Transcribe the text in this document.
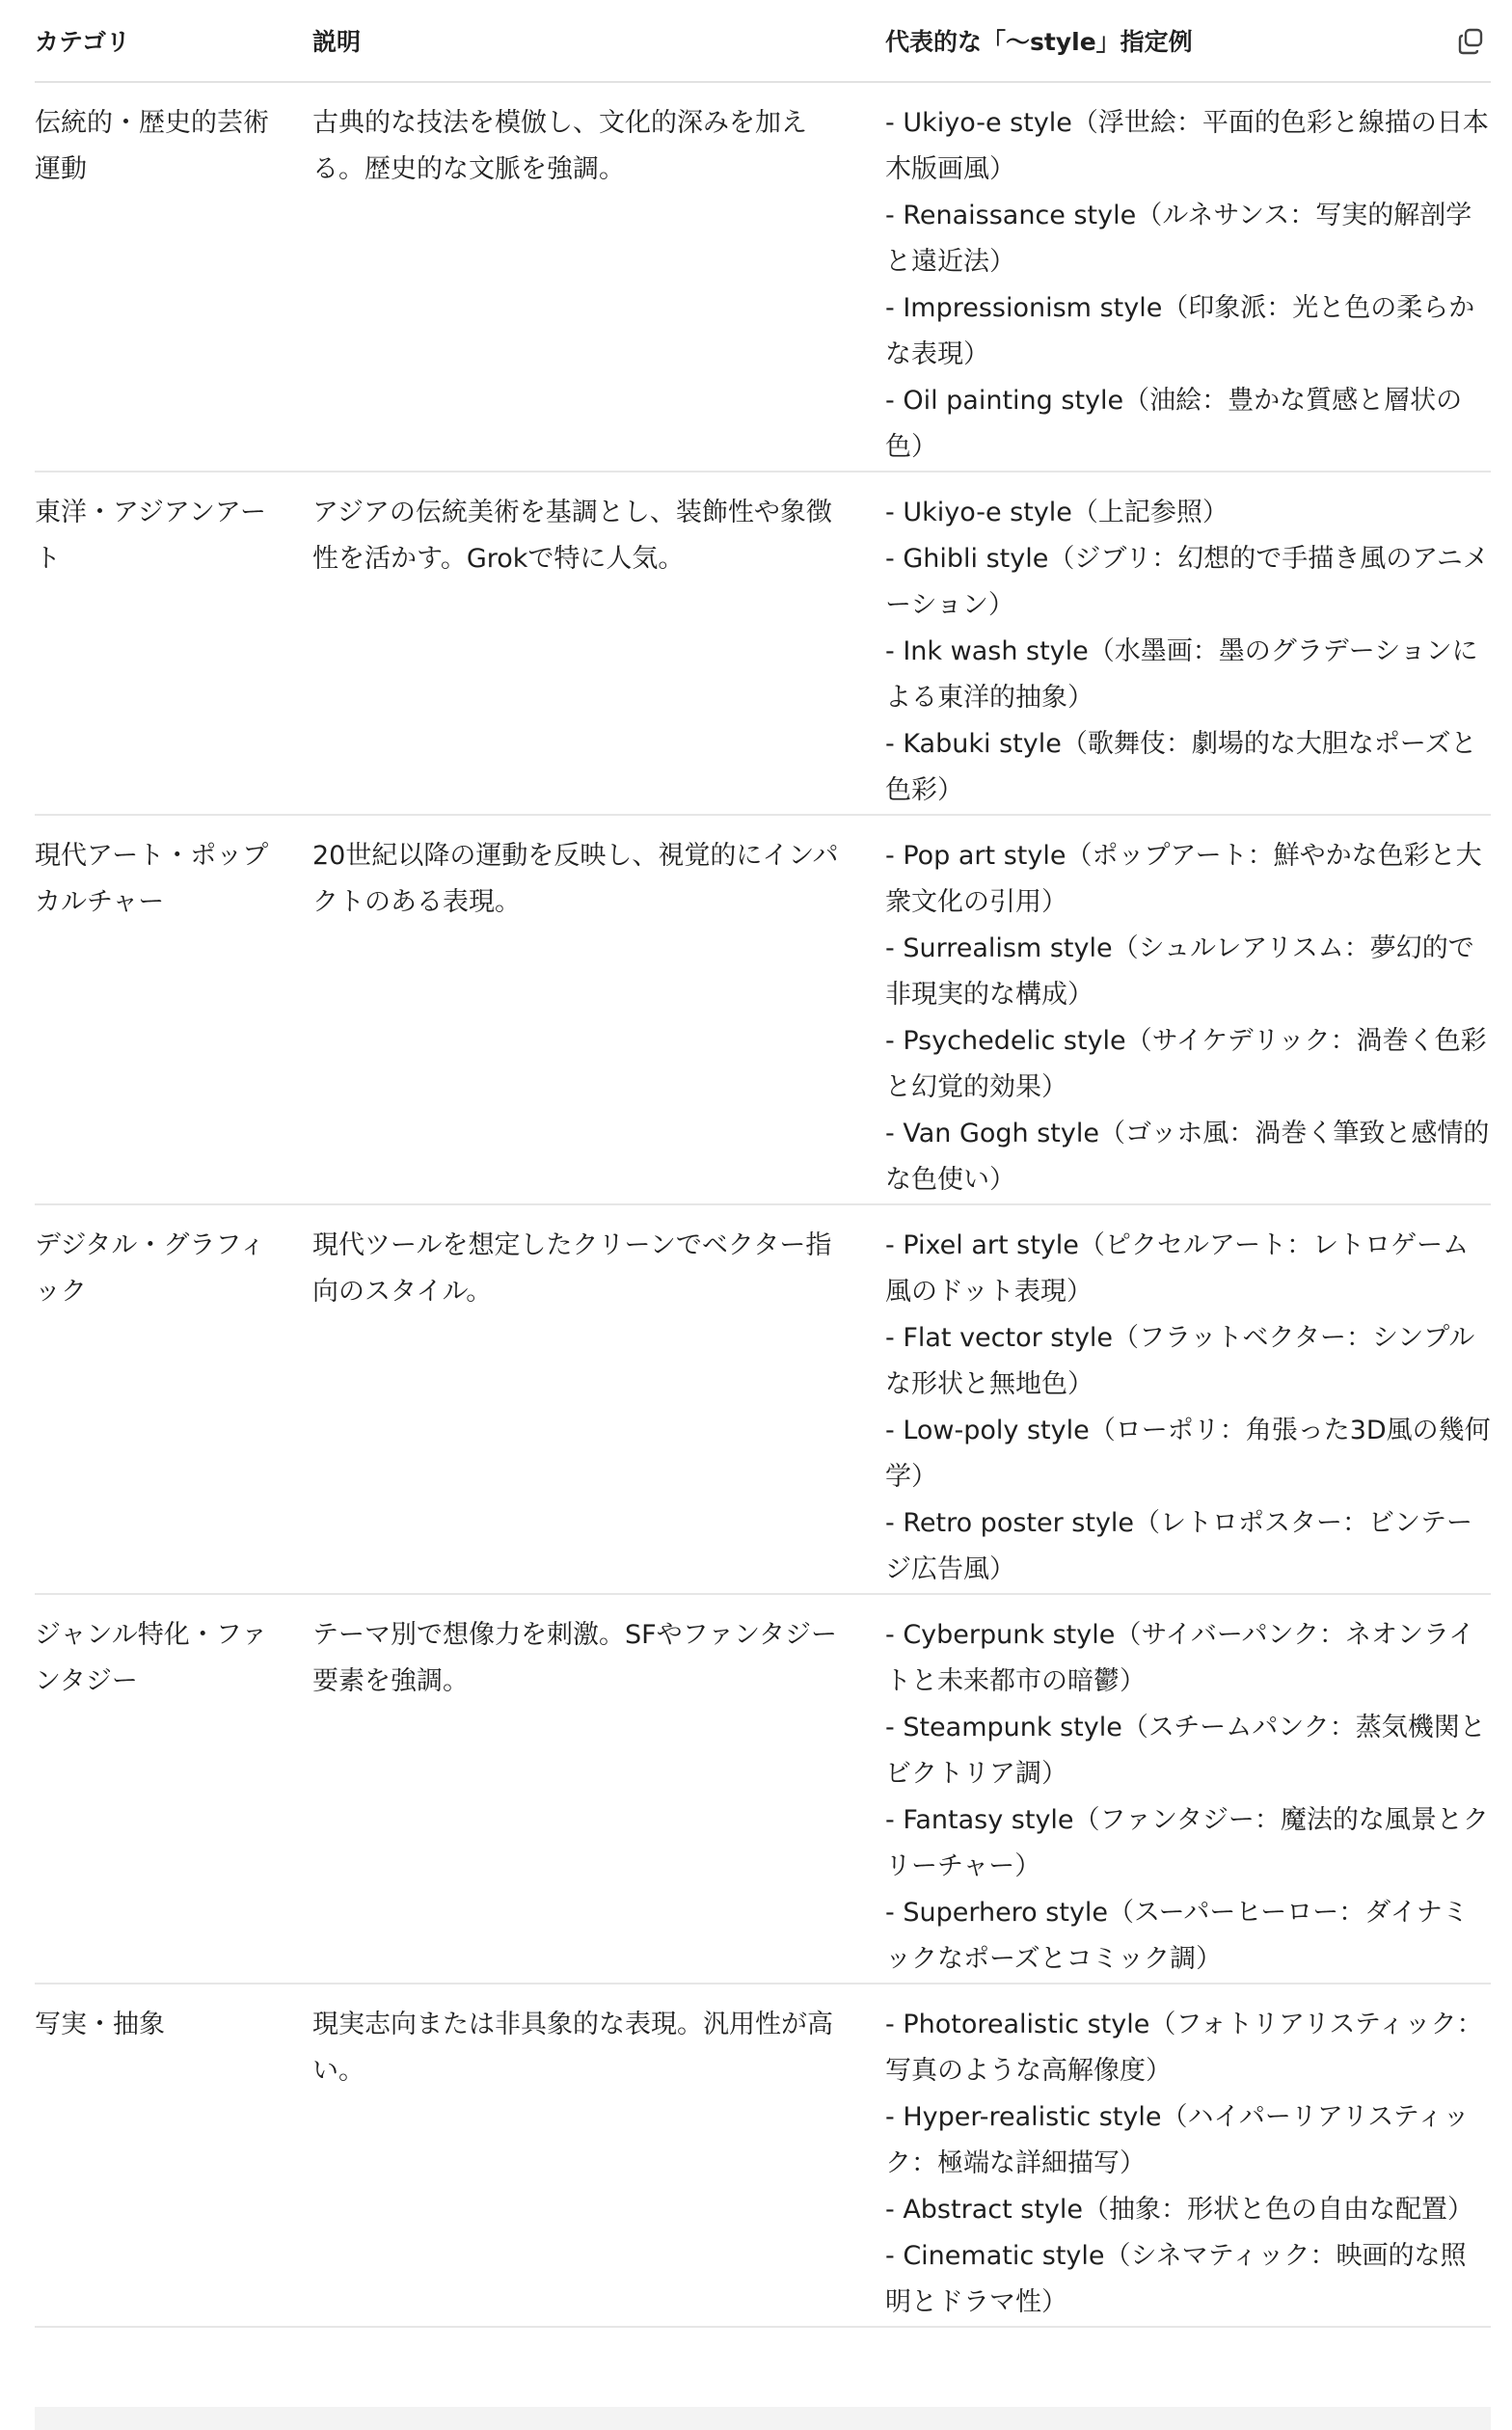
カテゴリ	説明	代表的な「～style」指定例

伝統的・歴史的芸術運動	古典的な技法を模倣し、文化的深みを加える。歴史的な文脈を強調。	- Ukiyo-e style（浮世絵：平面的色彩と線描の日本木版画風）
- Renaissance style（ルネサンス：写実的解剖学と遠近法）
- Impressionism style（印象派：光と色の柔らかな表現）
- Oil painting style（油絵：豊かな質感と層状の色）

東洋・アジアンアート	アジアの伝統美術を基調とし、装飾性や象徴性を活かす。Grokで特に人気。	- Ukiyo-e style（上記参照）
- Ghibli style（ジブリ：幻想的で手描き風のアニメーション）
- Ink wash style（水墨画：墨のグラデーションによる東洋的抽象）
- Kabuki style（歌舞伎：劇場的な大胆なポーズと色彩）

現代アート・ポップカルチャー	20世紀以降の運動を反映し、視覚的にインパクトのある表現。	- Pop art style（ポップアート：鮮やかな色彩と大衆文化の引用）
- Surrealism style（シュルレアリスム：夢幻的で非現実的な構成）
- Psychedelic style（サイケデリック：渦巻く色彩と幻覚的効果）
- Van Gogh style（ゴッホ風：渦巻く筆致と感情的な色使い）

デジタル・グラフィック	現代ツールを想定したクリーンでベクター指向のスタイル。	- Pixel art style（ピクセルアート：レトロゲーム風のドット表現）
- Flat vector style（フラットベクター：シンプルな形状と無地色）
- Low-poly style（ローポリ：角張った3D風の幾何学）
- Retro poster style（レトロポスター：ビンテージ広告風）

ジャンル特化・ファンタジー	テーマ別で想像力を刺激。SFやファンタジー要素を強調。	- Cyberpunk style（サイバーパンク：ネオンライトと未来都市の暗鬱）
- Steampunk style（スチームパンク：蒸気機関とビクトリア調）
- Fantasy style（ファンタジー：魔法的な風景とクリーチャー）
- Superhero style（スーパーヒーロー：ダイナミックなポーズとコミック調）

写実・抽象	現実志向または非具象的な表現。汎用性が高い。	- Photorealistic style（フォトリアリスティック：写真のような高解像度）
- Hyper-realistic style（ハイパーリアリスティック：極端な詳細描写）
- Abstract style（抽象：形状と色の自由な配置）
- Cinematic style（シネマティック：映画的な照明とドラマ性）
